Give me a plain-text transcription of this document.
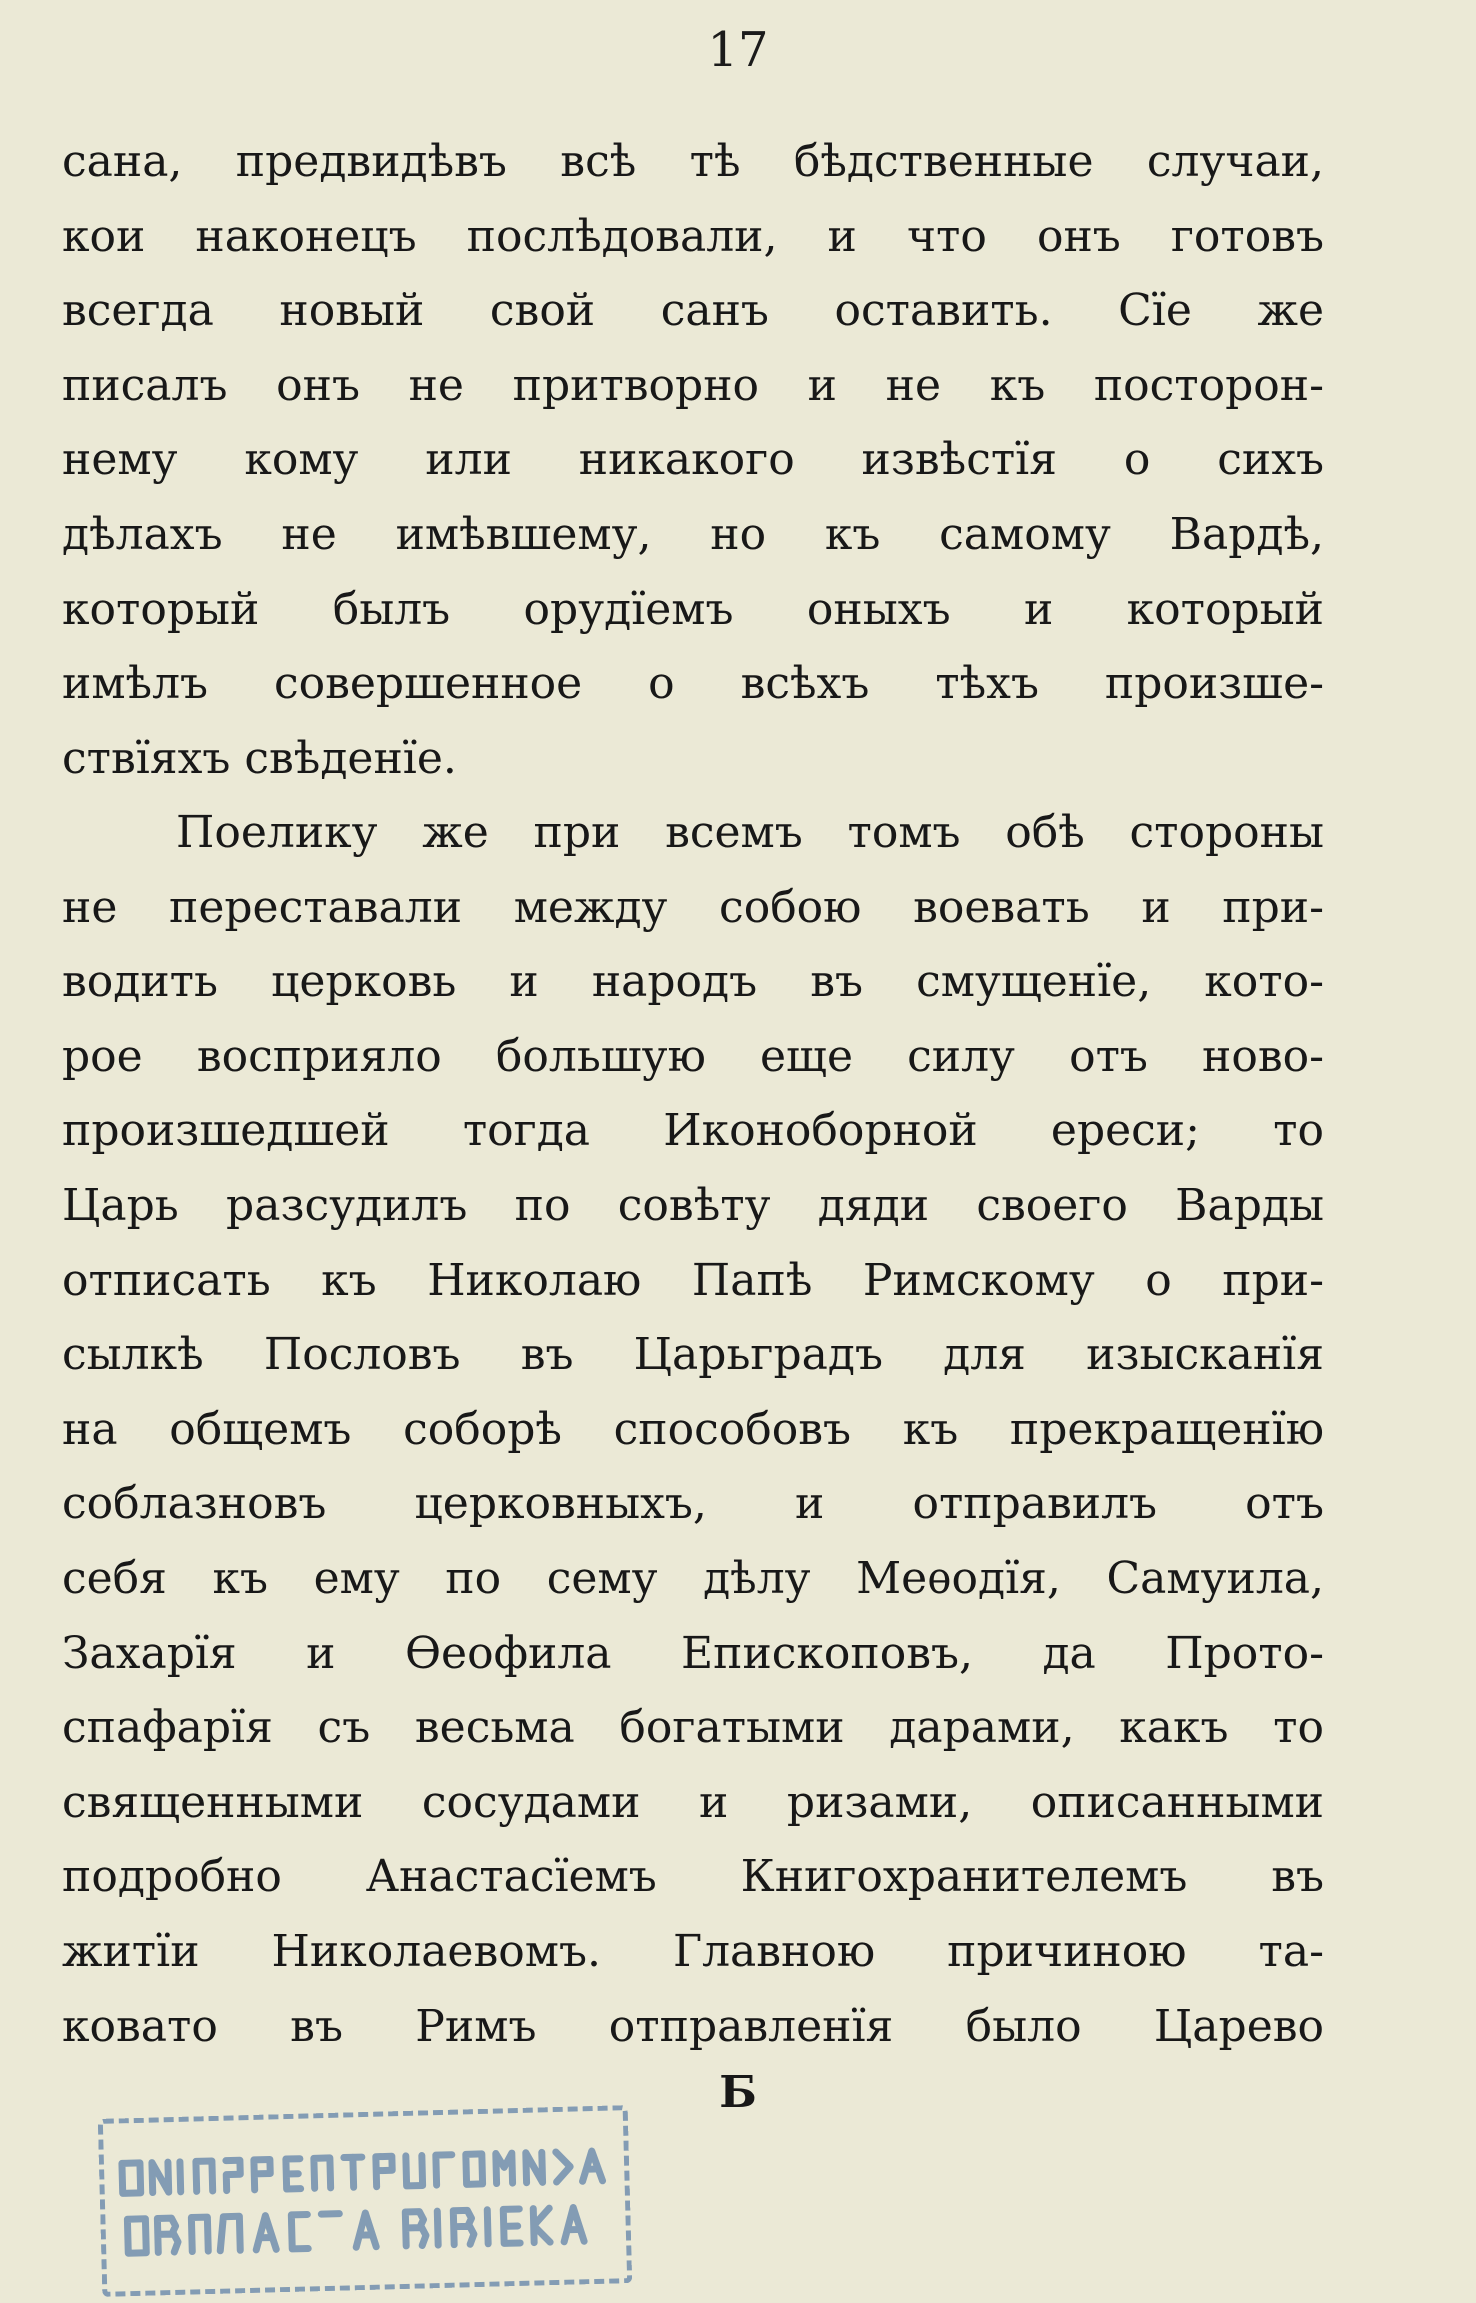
17
сана, предвидѣвъ всѣ тѣ бѣдственные случаи,
кои наконецъ послѣдовали, и что онъ готовъ
всегда новый свой санъ оставить. Сїе же
писалъ онъ не притворно и не къ посторон-
нему кому или никакого извѣстїя о сихъ
дѣлахъ не имѣвшему, но къ самому Вардѣ,
который былъ орудїемъ оныхъ и который
имѣлъ совершенное о всѣхъ тѣхъ произше-
ствїяхъ свѣденїе.
Поелику же при всемъ томъ обѣ стороны
не переставали между собою воевать и при-
водить церковь и народъ въ смущенїе, кото-
рое восприяло большую еще силу отъ ново-
произшедшей тогда Иконоборной ереси; то
Царь разсудилъ по совѣту дяди своего Варды
отписать къ Николаю Папѣ Римскому о при-
сылкѣ Пословъ въ Царьградъ для изысканїя
на общемъ соборѣ способовъ къ прекращенїю
соблазновъ церковныхъ, и отправилъ отъ
себя къ ему по сему дѣлу Меѳодїя, Самуила,
Захарїя и Ѳеофила Епископовъ, да Прото-
спафарїя съ весьма богатыми дарами, какъ то
священными сосудами и ризами, описанными
подробно Анастасїемъ Книгохранителемъ въ
житїи Николаевомъ. Главною причиною та-
ковато въ Римъ отправленїя было Царево
Б
